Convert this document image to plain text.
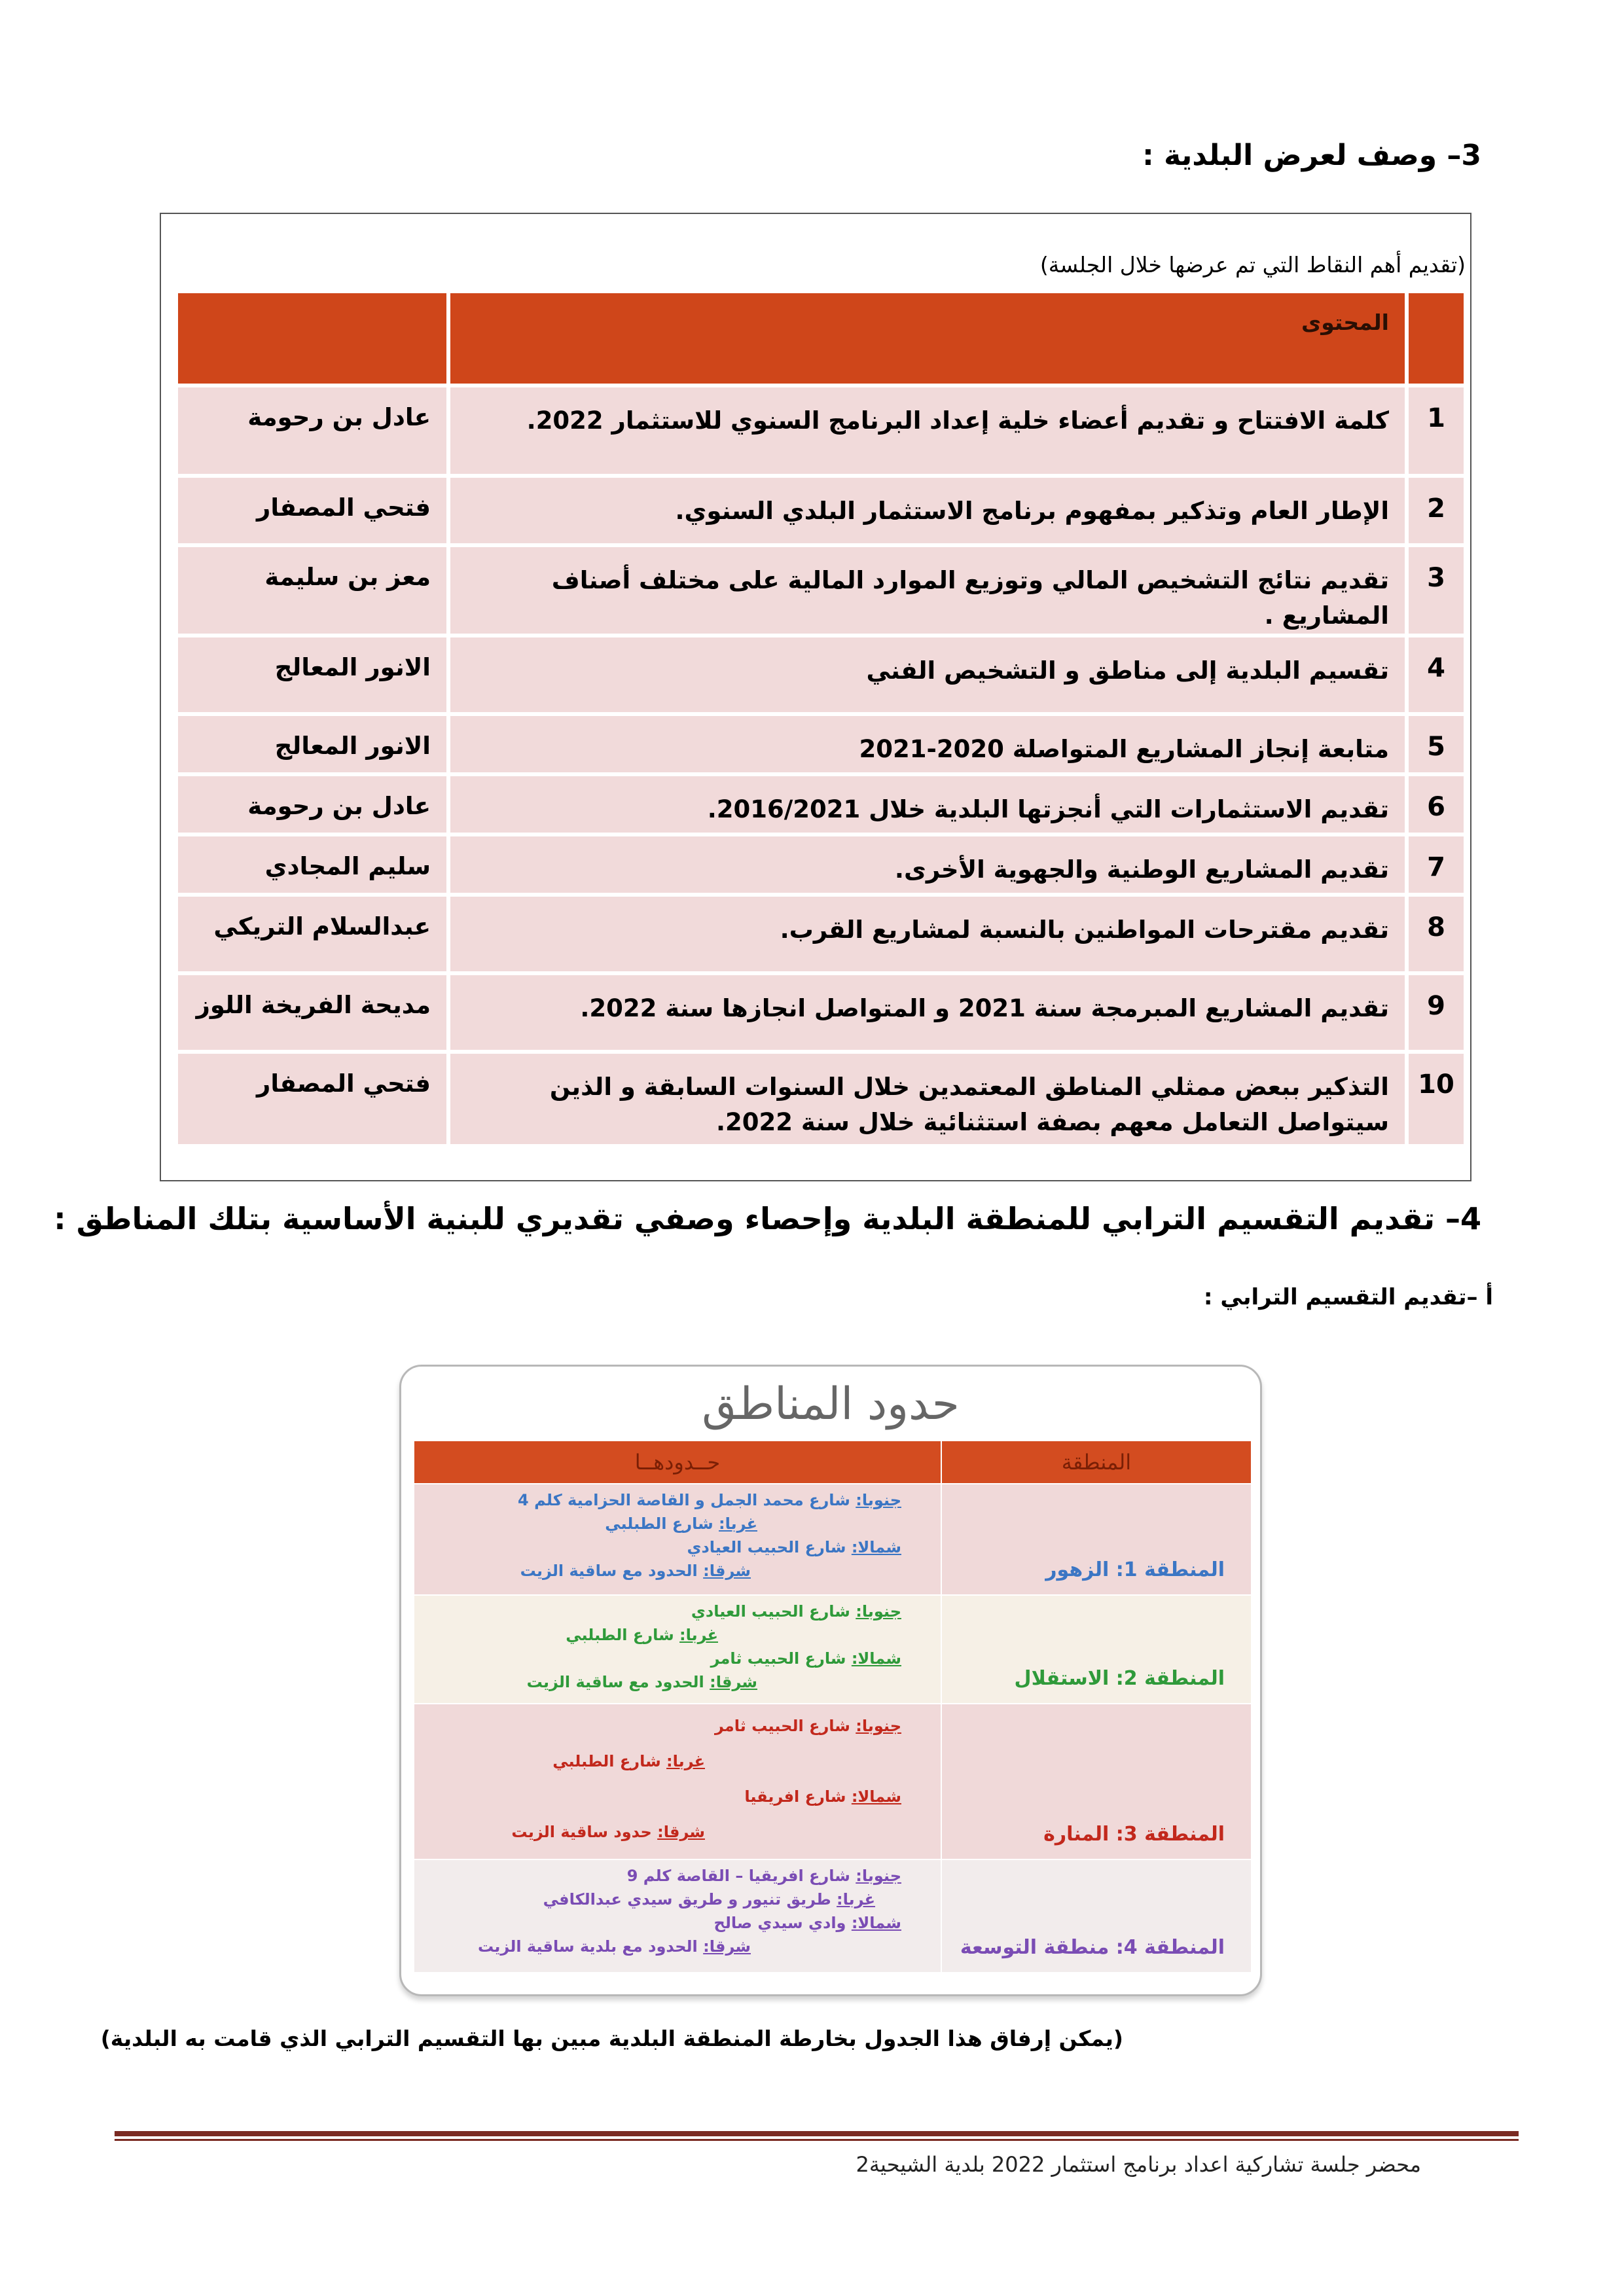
3– وصف لعرض البلدية :
(تقديم أهم النقاط التي تم عرضها خلال الجلسة)
	المحتوى	
1	كلمة الافتتاح و تقديم أعضاء خلية إعداد البرنامج السنوي للاستثمار 2022.	عادل بن رحومة
2	الإطار العام وتذكير بمفهوم برنامج الاستثمار البلدي السنوي.	فتحي المصفار
3	تقديم نتائج التشخيص المالي وتوزيع الموارد المالية على مختلف أصناف المشاريع .	معز بن سليمة
4	تقسيم البلدية إلى مناطق و التشخيص الفني	الانور المعالج
5	متابعة إنجاز المشاريع المتواصلة 2020-2021	الانور المعالج
6	تقديم الاستثمارات التي أنجزتها البلدية خلال 2016/2021.	عادل بن رحومة
7	تقديم المشاريع الوطنية والجهوية الأخرى.	سليم المجادي
8	تقديم مقترحات المواطنين بالنسبة لمشاريع القرب.	عبدالسلام التريكي
9	تقديم المشاريع المبرمجة سنة 2021 و المتواصل انجازها سنة 2022.	مديحة الفريخة اللوز
10	التذكير ببعض ممثلي المناطق المعتمدين خلال السنوات السابقة و الذين سيتواصل التعامل معهم بصفة استثنائية خلال سنة 2022.	فتحي المصفار
4– تقديم التقسيم الترابي للمنطقة البلدية وإحصاء وصفي تقديري للبنية الأساسية بتلك المناطق :
أ –تقديم التقسيم الترابي :
حدود المناطق
المنطقة	حــدودهــا
المنطقة 1: الزهور	جنوبا: شارع محمد الجمل و القاصة الحزامية كلم 4
غربا: شارع الطبلبي
شمالا: شارع الحبيب العيادي
شرقا: الحدود مع ساقية الزيت

المنطقة 2: الاستقلال	جنوبا: شارع الحبيب العيادي
غربا: شارع الطبلبي
شمالا: شارع الحبيب ثامر
شرقا: الحدود مع ساقية الزيت

المنطقة 3: المنارة	جنوبا: شارع الحبيب ثامر
غربا: شارع الطبلبي
شمالا: شارع افريقيا
شرقا: حدود ساقية الزيت

المنطقة 4: منطقة التوسعة	جنوبا: شارع افريقيا – القاصة كلم 9
غربا: طريق تنيور و طريق سيدي عبدالكافي
شمالا: وادي سيدي صالح
شرقا: الحدود مع بلدية ساقية الزيت
(يمكن إرفاق هذا الجدول بخارطة المنطقة البلدية مبين بها التقسيم الترابي الذي قامت به البلدية)
محضر جلسة تشاركية اعداد برنامج استثمار 2022 بلدية الشيحية2
